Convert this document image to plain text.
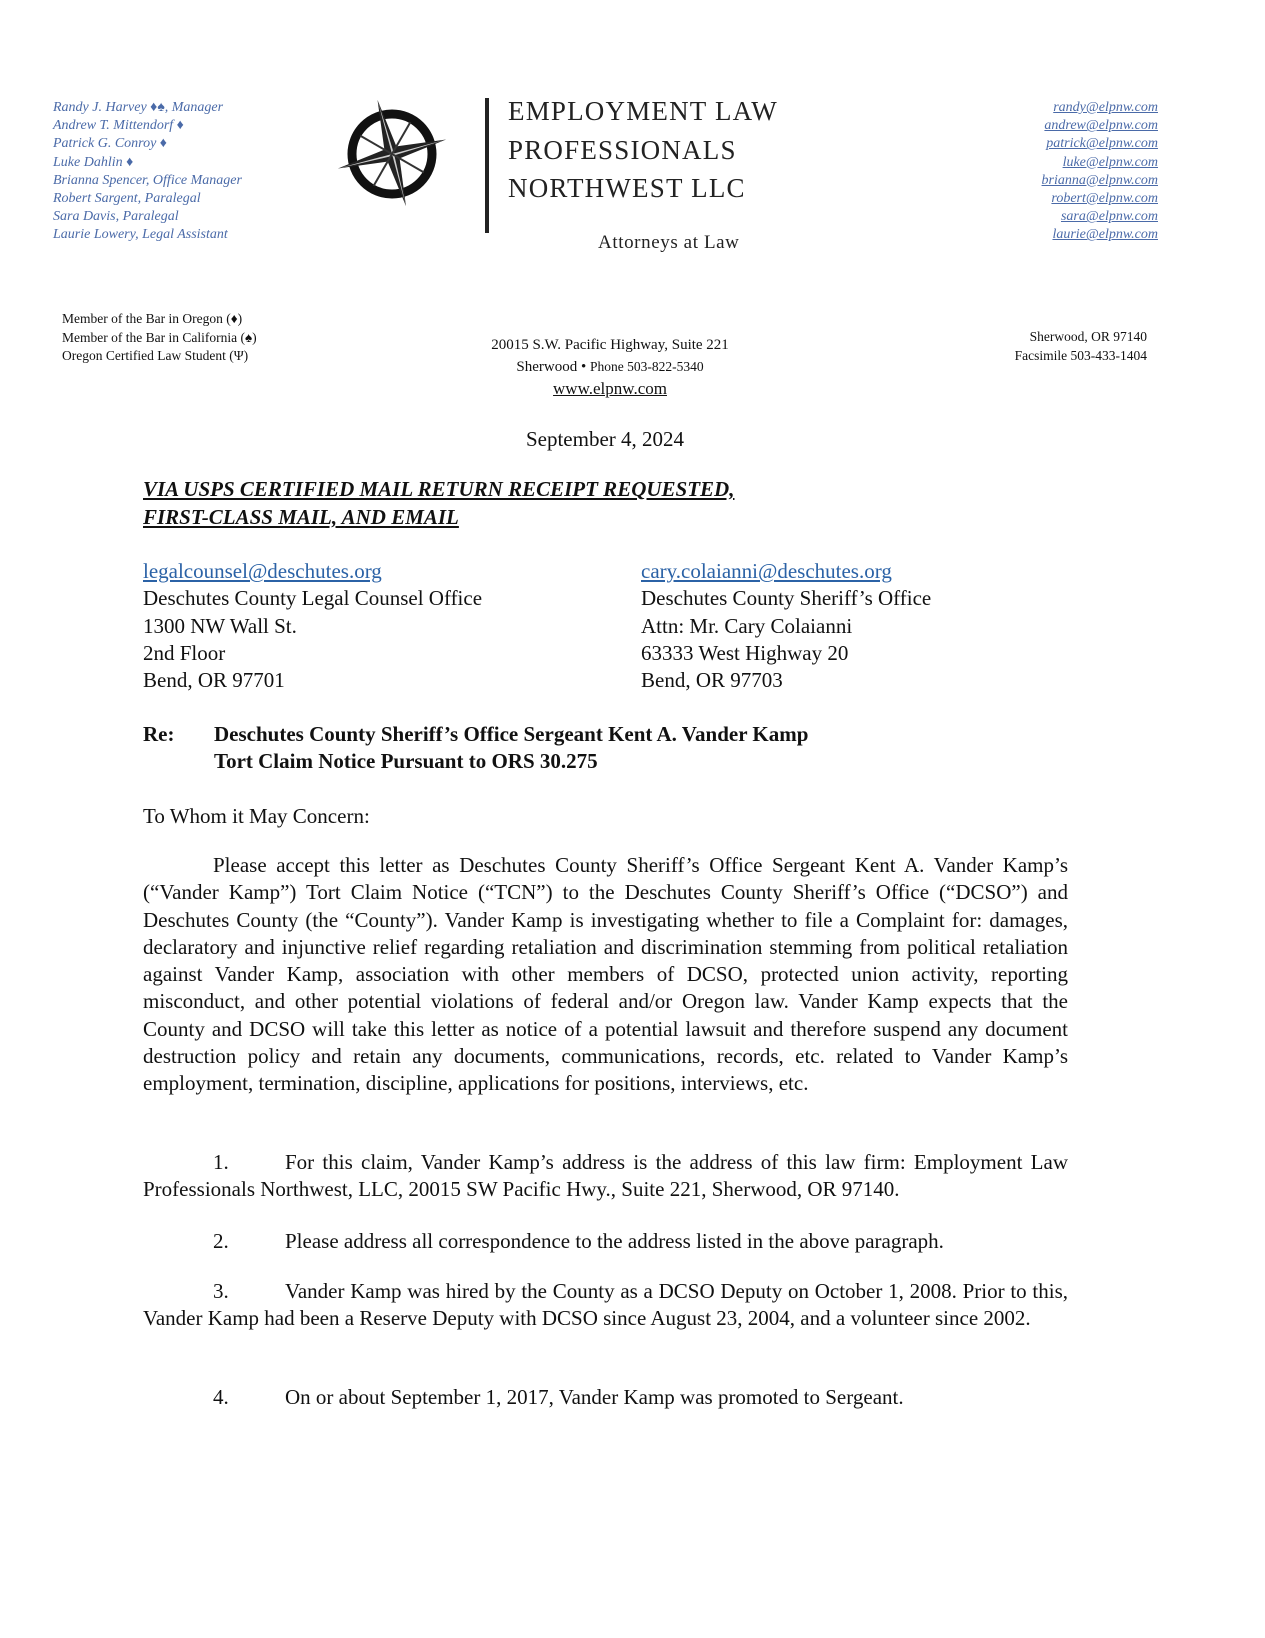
Randy J. Harvey ♦♠, Manager
Andrew T. Mittendorf ♦
Patrick G. Conroy ♦
Luke Dahlin ♦
Brianna Spencer, Office Manager
Robert Sargent, Paralegal
Sara Davis, Paralegal
Laurie Lowery, Legal Assistant
EMPLOYMENT LAW
PROFESSIONALS
NORTHWEST LLC
Attorneys at Law
randy@elpnw.com
andrew@elpnw.com
patrick@elpnw.com
luke@elpnw.com
brianna@elpnw.com
robert@elpnw.com
sara@elpnw.com
laurie@elpnw.com
Member of the Bar in Oregon (♦)
Member of the Bar in California (♠)
Oregon Certified Law Student (Ψ)
20015 S.W. Pacific Highway, Suite 221
Sherwood • Phone 503-822-5340
www.elpnw.com
Sherwood, OR 97140
Facsimile 503-433-1404
September 4, 2024
VIA USPS CERTIFIED MAIL RETURN RECEIPT REQUESTED,
FIRST-CLASS MAIL, AND EMAIL
legalcounsel@deschutes.org
Deschutes County Legal Counsel Office
1300 NW Wall St.
2nd Floor
Bend, OR 97701
cary.colaianni@deschutes.org
Deschutes County Sheriff’s Office
Attn: Mr. Cary Colaianni
63333 West Highway 20
Bend, OR 97703
Re: Deschutes County Sheriff’s Office Sergeant Kent A. Vander Kamp
Tort Claim Notice Pursuant to ORS 30.275
To Whom it May Concern:
Please accept this letter as Deschutes County Sheriff’s Office Sergeant Kent A. Vander Kamp’s (“Vander Kamp”) Tort Claim Notice (“TCN”) to the Deschutes County Sheriff’s Office (“DCSO”) and Deschutes County (the “County”). Vander Kamp is investigating whether to file a Complaint for: damages, declaratory and injunctive relief regarding retaliation and discrimination stemming from political retaliation against Vander Kamp, association with other members of DCSO, protected union activity, reporting misconduct, and other potential violations of federal and/or Oregon law. Vander Kamp expects that the County and DCSO will take this letter as notice of a potential lawsuit and therefore suspend any document destruction policy and retain any documents, communications, records, etc. related to Vander Kamp’s employment, termination, discipline, applications for positions, interviews, etc.
1.	For this claim, Vander Kamp’s address is the address of this law firm: Employment Law Professionals Northwest, LLC, 20015 SW Pacific Hwy., Suite 221, Sherwood, OR 97140.
2.	Please address all correspondence to the address listed in the above paragraph.
3.	Vander Kamp was hired by the County as a DCSO Deputy on October 1, 2008. Prior to this, Vander Kamp had been a Reserve Deputy with DCSO since August 23, 2004, and a volunteer since 2002.
4.	On or about September 1, 2017, Vander Kamp was promoted to Sergeant.
